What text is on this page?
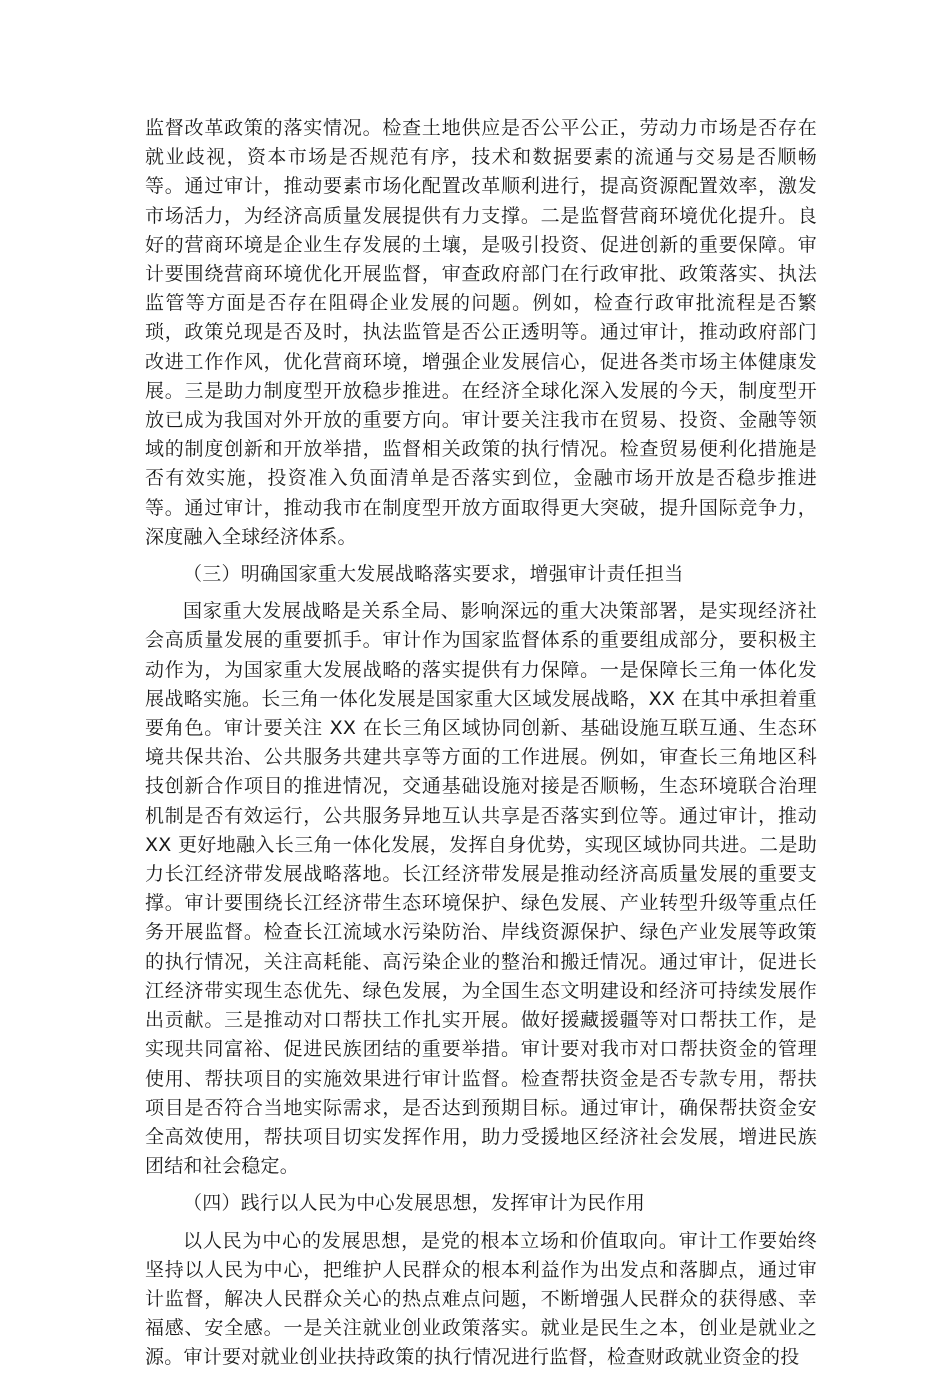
监督改革政策的落实情况。检查土地供应是否公平公正，劳动力市场是否存在就业歧视，资本市场是否规范有序，技术和数据要素的流通与交易是否顺畅等。通过审计，推动要素市场化配置改革顺利进行，提高资源配置效率，激发市场活力，为经济高质量发展提供有力支撑。二是监督营商环境优化提升。良好的营商环境是企业生存发展的土壤，是吸引投资、促进创新的重要保障。审计要围绕营商环境优化开展监督，审查政府部门在行政审批、政策落实、执法监管等方面是否存在阻碍企业发展的问题。例如，检查行政审批流程是否繁琐，政策兑现是否及时，执法监管是否公正透明等。通过审计，推动政府部门改进工作作风，优化营商环境，增强企业发展信心，促进各类市场主体健康发展。三是助力制度型开放稳步推进。在经济全球化深入发展的今天，制度型开放已成为我国对外开放的重要方向。审计要关注我市在贸易、投资、金融等领域的制度创新和开放举措，监督相关政策的执行情况。检查贸易便利化措施是否有效实施，投资准入负面清单是否落实到位，金融市场开放是否稳步推进等。通过审计，推动我市在制度型开放方面取得更大突破，提升国际竞争力，深度融入全球经济体系。

（三）明确国家重大发展战略落实要求，增强审计责任担当

国家重大发展战略是关系全局、影响深远的重大决策部署，是实现经济社会高质量发展的重要抓手。审计作为国家监督体系的重要组成部分，要积极主动作为，为国家重大发展战略的落实提供有力保障。一是保障长三角一体化发展战略实施。长三角一体化发展是国家重大区域发展战略，XX 在其中承担着重要角色。审计要关注 XX 在长三角区域协同创新、基础设施互联互通、生态环境共保共治、公共服务共建共享等方面的工作进展。例如，审查长三角地区科技创新合作项目的推进情况，交通基础设施对接是否顺畅，生态环境联合治理机制是否有效运行，公共服务异地互认共享是否落实到位等。通过审计，推动 XX 更好地融入长三角一体化发展，发挥自身优势，实现区域协同共进。二是助力长江经济带发展战略落地。长江经济带发展是推动经济高质量发展的重要支撑。审计要围绕长江经济带生态环境保护、绿色发展、产业转型升级等重点任务开展监督。检查长江流域水污染防治、岸线资源保护、绿色产业发展等政策的执行情况，关注高耗能、高污染企业的整治和搬迁情况。通过审计，促进长江经济带实现生态优先、绿色发展，为全国生态文明建设和经济可持续发展作出贡献。三是推动对口帮扶工作扎实开展。做好援藏援疆等对口帮扶工作，是实现共同富裕、促进民族团结的重要举措。审计要对我市对口帮扶资金的管理使用、帮扶项目的实施效果进行审计监督。检查帮扶资金是否专款专用，帮扶项目是否符合当地实际需求，是否达到预期目标。通过审计，确保帮扶资金安全高效使用，帮扶项目切实发挥作用，助力受援地区经济社会发展，增进民族团结和社会稳定。

（四）践行以人民为中心发展思想，发挥审计为民作用

以人民为中心的发展思想，是党的根本立场和价值取向。审计工作要始终坚持以人民为中心，把维护人民群众的根本利益作为出发点和落脚点，通过审计监督，解决人民群众关心的热点难点问题，不断增强人民群众的获得感、幸福感、安全感。一是关注就业创业政策落实。就业是民生之本，创业是就业之源。审计要对就业创业扶持政策的执行情况进行监督，检查财政就业资金的投
